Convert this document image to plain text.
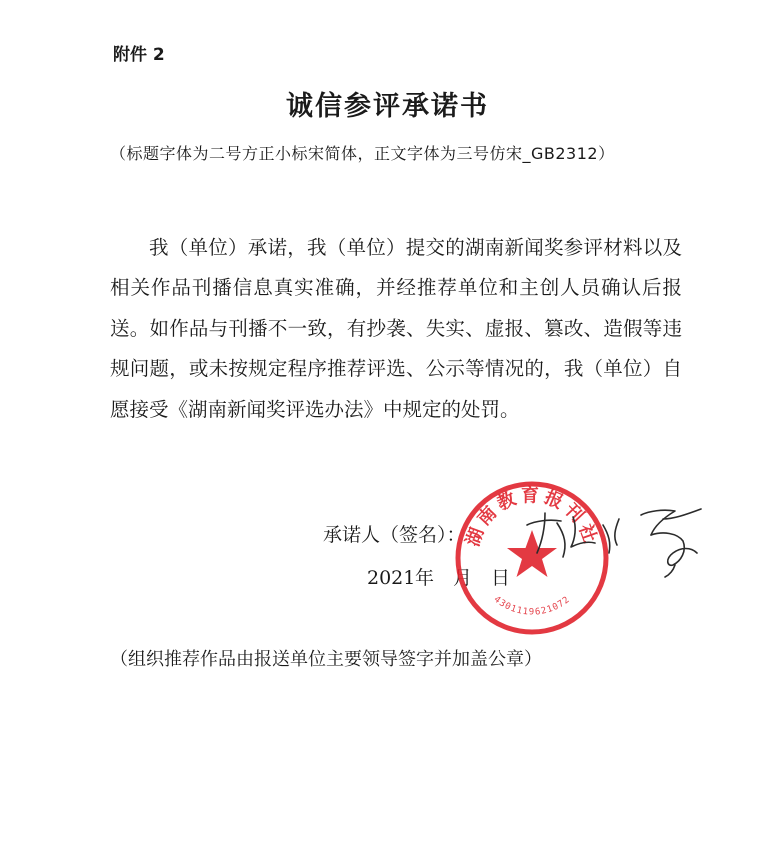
附件 2
诚信参评承诺书
（标题字体为二号方正小标宋简体，正文字体为三号仿宋_GB2312）
我（单位）承诺，我（单位）提交的湖南新闻奖参评材料以及相关作品刊播信息真实准确，并经推荐单位和主创人员确认后报送。如作品与刊播不一致，有抄袭、失实、虚报、篡改、造假等违规问题，或未按规定程序推荐评选、公示等情况的，我（单位）自愿接受《湖南新闻奖评选办法》中规定的处罚。
承诺人（签名）：
2021年 月 日
湖南教育报刊社
4301119621072
（组织推荐作品由报送单位主要领导签字并加盖公章）
